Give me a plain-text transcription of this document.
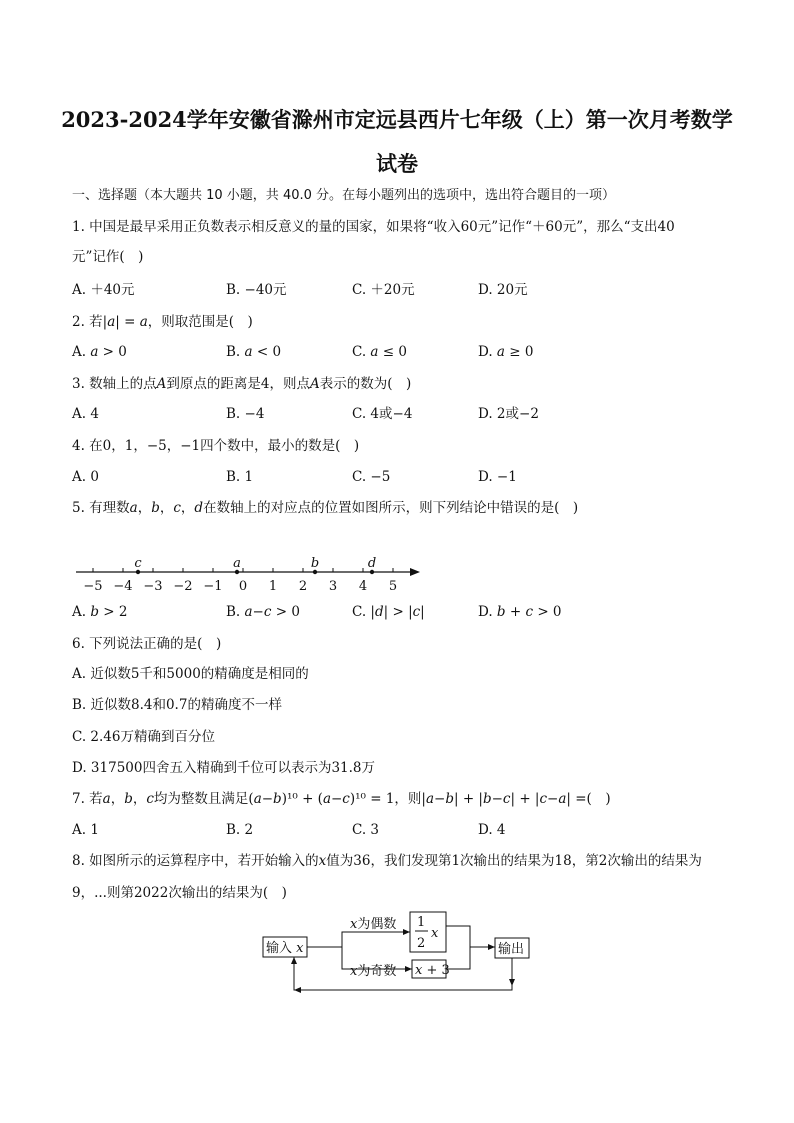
2023-2024学年安徽省滁州市定远县西片七年级（上）第一次月考数学
试卷
一、选择题（本大题共 10 小题，共 40.0 分。在每小题列出的选项中，选出符合题目的一项）
1. 中国是最早采用正负数表示相反意义的量的国家，如果将“收入60元”记作“＋60元”，那么“支出40
元”记作(　)
A. ＋40元	B. −40元	C. ＋20元	D. 20元
2. 若|𝑎| = 𝑎，则取范围是(　)
A. 𝑎 > 0	B. 𝑎 < 0	C. 𝑎 ≤ 0	D. 𝑎 ≥ 0
3. 数轴上的点𝐴到原点的距离是4，则点𝐴表示的数为(　)
A. 4	B. −4	C. 4或−4	D. 2或−2
4. 在0，1，−5，−1四个数中，最小的数是(　)
A. 0	B. 1	C. −5	D. −1
5. 有理数𝑎，𝑏，𝑐，𝑑在数轴上的对应点的位置如图所示，则下列结论中错误的是(　)
−5 −4 −3 −2 −1 0 1 2 3 4 5
𝑐	𝑎	𝑏	𝑑
A. 𝑏 > 2	B. 𝑎−𝑐 > 0	C. |𝑑| > |𝑐|	D. 𝑏 + 𝑐 > 0
6. 下列说法正确的是(　)
A. 近似数5千和5000的精确度是相同的
B. 近似数8.4和0.7的精确度不一样
C. 2.46万精确到百分位
D. 317500四舍五入精确到千位可以表示为31.8万
7. 若𝑎，𝑏，𝑐均为整数且满足(𝑎−𝑏)¹⁰ + (𝑎−𝑐)¹⁰ = 1，则|𝑎−𝑏| + |𝑏−𝑐| + |𝑐−𝑎| =(　)
A. 1	B. 2	C. 3	D. 4
8. 如图所示的运算程序中，若开始输入的𝑥值为36，我们发现第1次输出的结果为18，第2次输出的结果为
9，...则第2022次输出的结果为(　)
输入 𝑥
𝑥为偶数
𝑥为奇数
1
2
𝑥
𝑥 + 3
输出
